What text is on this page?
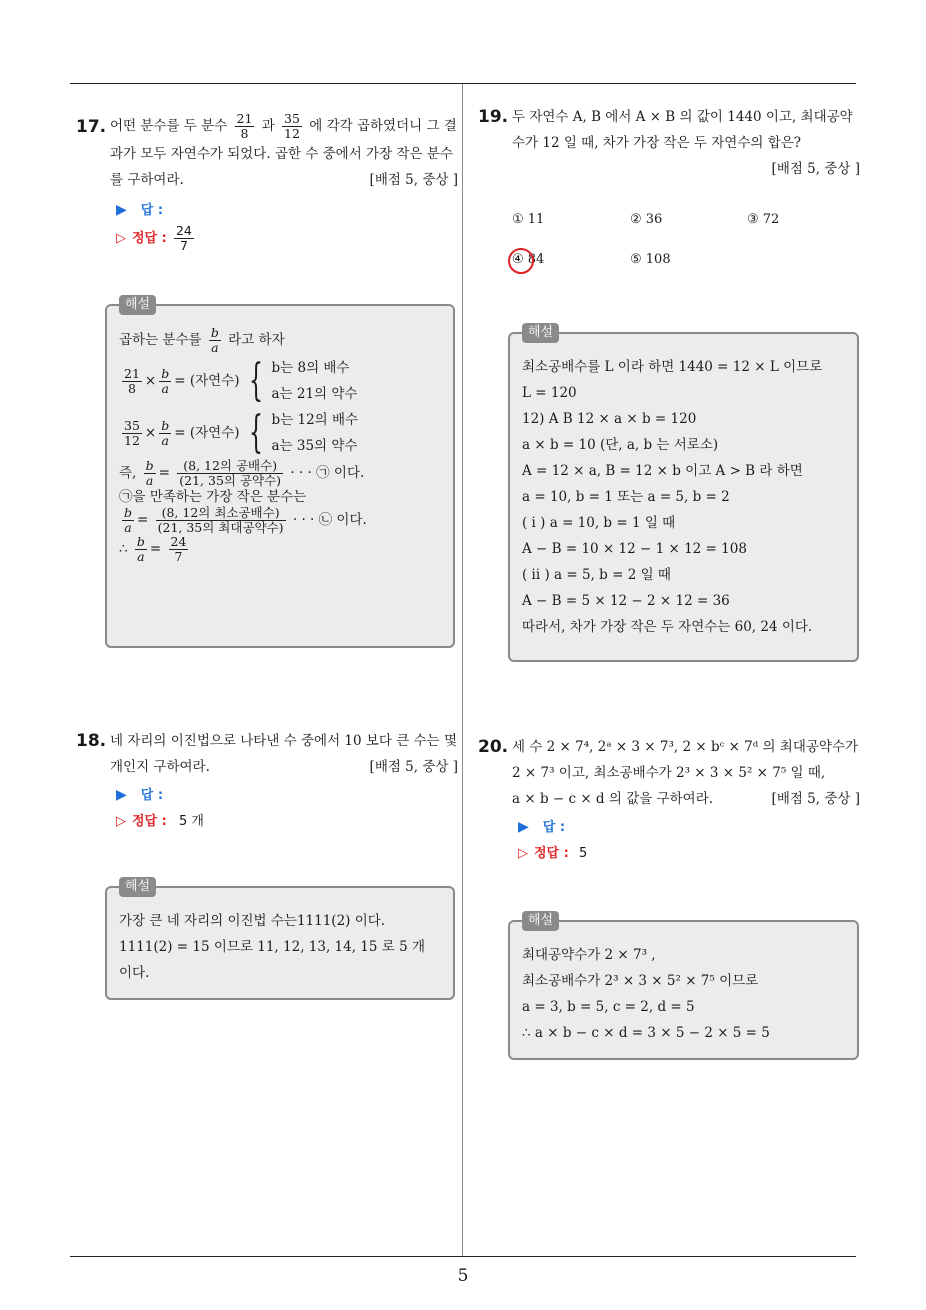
17. 어떤 분수를 두 분수 $\frac{21}{8}$ 과 $\frac{35}{12}$ 에 각각 곱하였더니 그 결과가 모두 자연수가 되었다. 곱한 수 중에서 가장 작은 분수를 구하여라.	[배점 5, 중상 ]
▶ 답 :
▷ 정답 : $\frac{24}{7}$
해설
곱하는 분수를 $\frac{b}{a}$ 라고 하자
$\frac{21}{8} \times \frac{b}{a}$ = (자연수) { b는 8의 배수
a는 21의 약수
$\frac{35}{12} \times \frac{b}{a}$ = (자연수) { b는 12의 배수
a는 35의 약수
즉, $\frac{b}{a} = \frac{\text{(8, 12의 공배수)}}{\text{(21, 35의 공약수)}}$ · · · ㉠ 이다.
㉠을 만족하는 가장 작은 분수는
$\frac{b}{a} = \frac{\text{(8, 12의 최소공배수)}}{\text{(21, 35의 최대공약수)}}$ · · · ㉡ 이다.
∴ $\frac{b}{a} = \frac{24}{7}$
18. 네 자리의 이진법으로 나타낸 수 중에서 10 보다 큰 수는 몇 개인지 구하여라.	[배점 5, 중상 ]
▶ 답 :
▷ 정답 : 5 개
해설
가장 큰 네 자리의 이진법 수는1111(2) 이다.
1111(2) = 15 이므로 11, 12, 13, 14, 15 로 5 개
이다.
19. 두 자연수 A, B 에서 A × B 의 값이 1440 이고, 최대공약수가 12 일 때, 차가 가장 작은 두 자연수의 합은?

[배점 5, 중상 ]
① 11	② 36	③ 72
④ 84	⑤ 108
해설
최소공배수를 L 이라 하면 1440 = 12 × L 이므로
L = 120
12) A B 12 × a × b = 120
a × b = 10 (단, a, b 는 서로소)
A = 12 × a, B = 12 × b 이고 A > B 라 하면
a = 10, b = 1 또는 a = 5, b = 2
( i ) a = 10, b = 1 일 때
A − B = 10 × 12 − 1 × 12 = 108
( ii ) a = 5, b = 2 일 때
A − B = 5 × 12 − 2 × 12 = 36
따라서, 차가 가장 작은 두 자연수는 60, 24 이다.
20. 세 수 2 × 7⁴, 2ᵃ × 3 × 7³, 2 × bᶜ × 7ᵈ 의 최대공약수가
2 × 7³ 이고, 최소공배수가 2³ × 3 × 5² × 7⁵ 일 때,
a × b − c × d 의 값을 구하여라.	[배점 5, 중상 ]
▶ 답 :
▷ 정답 : 5
해설
최대공약수가 2 × 7³ ,
최소공배수가 2³ × 3 × 5² × 7⁵ 이므로
a = 3, b = 5, c = 2, d = 5
∴ a × b − c × d = 3 × 5 − 2 × 5 = 5
5
